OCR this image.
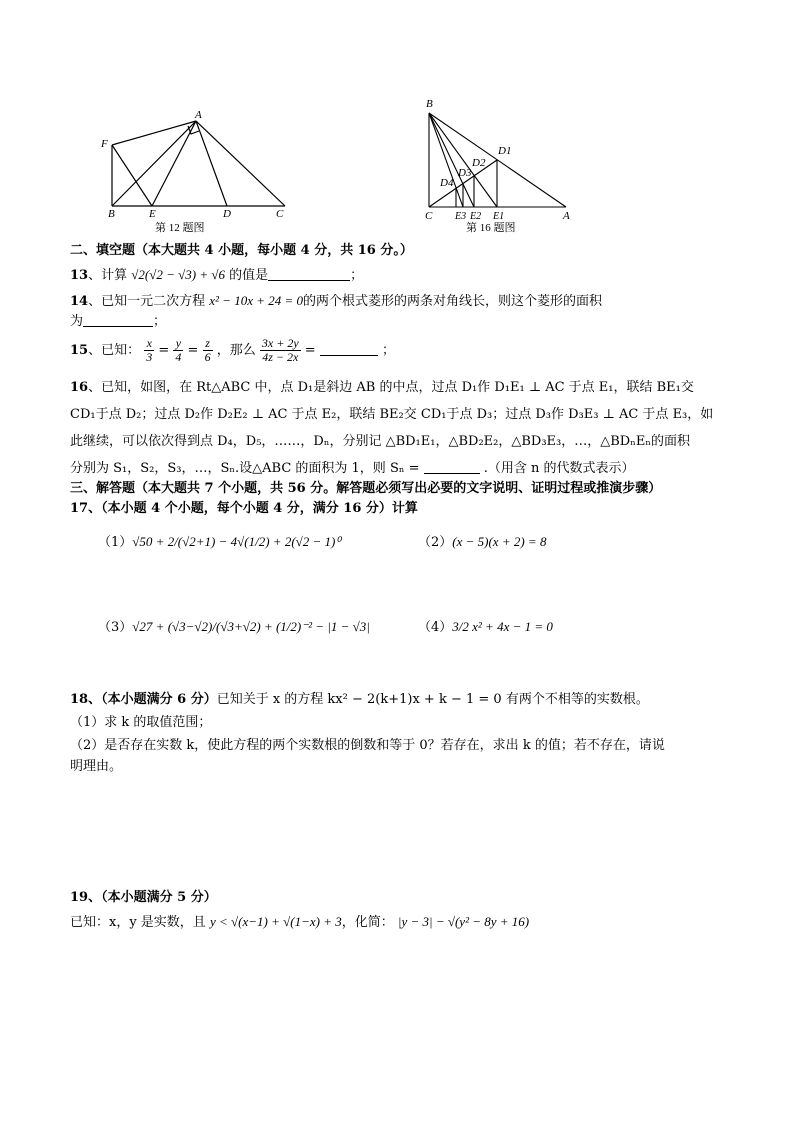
A
F
B	E	D	C
第 12 题图
B
D1
D2
D3
D4
C E3 E2 E1	A
第 16 题图
二、填空题（本大题共 4 小题，每小题 4 分，共 16 分。）
13、计算 √2(√2 − √3) + √6 的值是	；
14、已知一元二次方程 x² − 10x + 24 = 0的两个根式菱形的两条对角线长，则这个菱形的面积
为	；
15、已知： $\frac{x}{3} = \frac{y}{4} = \frac{z}{6}$ ，那么 $\frac{3x + 2y}{4z - 2x}$ =	；
16、已知，如图，在 Rt△ABC 中，点 D₁是斜边 AB 的中点，过点 D₁作 D₁E₁ ⊥ AC 于点 E₁，联结 BE₁交
CD₁于点 D₂；过点 D₂作 D₂E₂ ⊥ AC 于点 E₂，联结 BE₂交 CD₁于点 D₃；过点 D₃作 D₃E₃ ⊥ AC 于点 E₃，如
此继续，可以依次得到点 D₄，D₅，……，Dₙ，分别记 △BD₁E₁，△BD₂E₂，△BD₃E₃，…，△BDₙEₙ的面积
分别为 S₁，S₂，S₃，…，Sₙ.设△ABC 的面积为 1，则 Sₙ =	.（用含 n 的代数式表示）
三、解答题（本大题共 7 个小题，共 56 分。解答题必须写出必要的文字说明、证明过程或推演步骤）
17、（本小题 4 个小题，每个小题 4 分，满分 16 分）计算
（1）√50 + 2/(√2+1) − 4√(1/2) + 2(√2 − 1)⁰	（2）(x − 5)(x + 2) = 8
（3）√27 + (√3−√2)/(√3+√2) + (1/2)⁻² − |1 − √3|	（4）3/2 x² + 4x − 1 = 0
18、（本小题满分 6 分）已知关于 x 的方程 kx² − 2(k+1)x + k − 1 = 0 有两个不相等的实数根。
（1）求 k 的取值范围；
（2）是否存在实数 k，使此方程的两个实数根的倒数和等于 0？若存在，求出 k 的值；若不存在，请说
明理由。
19、（本小题满分 5 分）
已知：x，y 是实数，且 y < √(x−1) + √(1−x) + 3，化简： |y − 3| − √(y² − 8y + 16)
